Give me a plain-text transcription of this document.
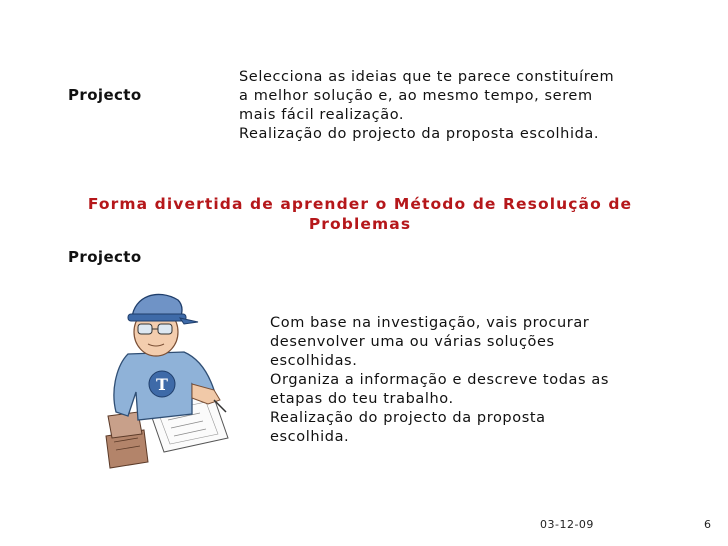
Projecto
Selecciona as ideias que te parece constituírem
a melhor solução e, ao mesmo tempo, serem
mais fácil realização.
Realização do projecto da proposta escolhida.
Forma divertida de aprender o Método de Resolução de
Problemas
Projecto
T
Com base na investigação, vais procurar
desenvolver uma ou várias soluções
escolhidas.
Organiza a informação e descreve todas as
etapas do teu trabalho.
Realização do projecto da proposta
escolhida.
03-12-09	6
